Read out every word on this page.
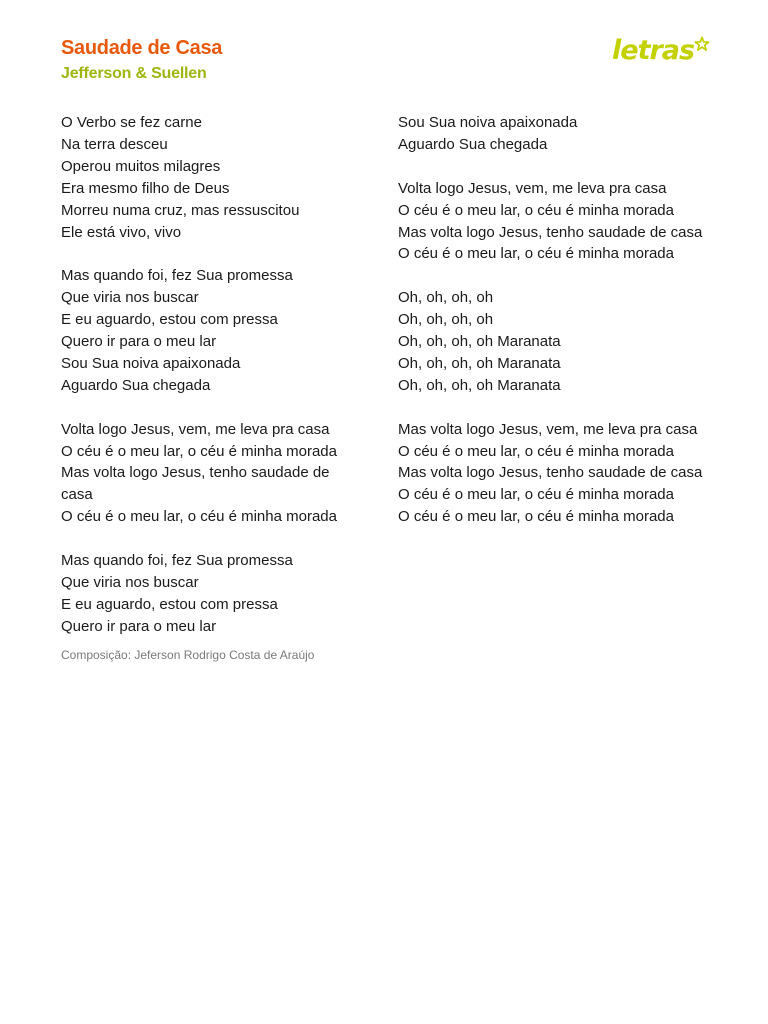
Saudade de Casa
Jefferson & Suellen
letras
O Verbo se fez carne
Na terra desceu
Operou muitos milagres
Era mesmo filho de Deus
Morreu numa cruz, mas ressuscitou
Ele está vivo, vivo
Mas quando foi, fez Sua promessa
Que viria nos buscar
E eu aguardo, estou com pressa
Quero ir para o meu lar
Sou Sua noiva apaixonada
Aguardo Sua chegada
Volta logo Jesus, vem, me leva pra casa
O céu é o meu lar, o céu é minha morada
Mas volta logo Jesus, tenho saudade de casa
O céu é o meu lar, o céu é minha morada
Mas quando foi, fez Sua promessa
Que viria nos buscar
E eu aguardo, estou com pressa
Quero ir para o meu lar
Sou Sua noiva apaixonada
Aguardo Sua chegada
Volta logo Jesus, vem, me leva pra casa
O céu é o meu lar, o céu é minha morada
Mas volta logo Jesus, tenho saudade de casa
O céu é o meu lar, o céu é minha morada
Oh, oh, oh, oh
Oh, oh, oh, oh
Oh, oh, oh, oh Maranata
Oh, oh, oh, oh Maranata
Oh, oh, oh, oh Maranata
Mas volta logo Jesus, vem, me leva pra casa
O céu é o meu lar, o céu é minha morada
Mas volta logo Jesus, tenho saudade de casa
O céu é o meu lar, o céu é minha morada
O céu é o meu lar, o céu é minha morada
Composição: Jeferson Rodrigo Costa de Araújo
